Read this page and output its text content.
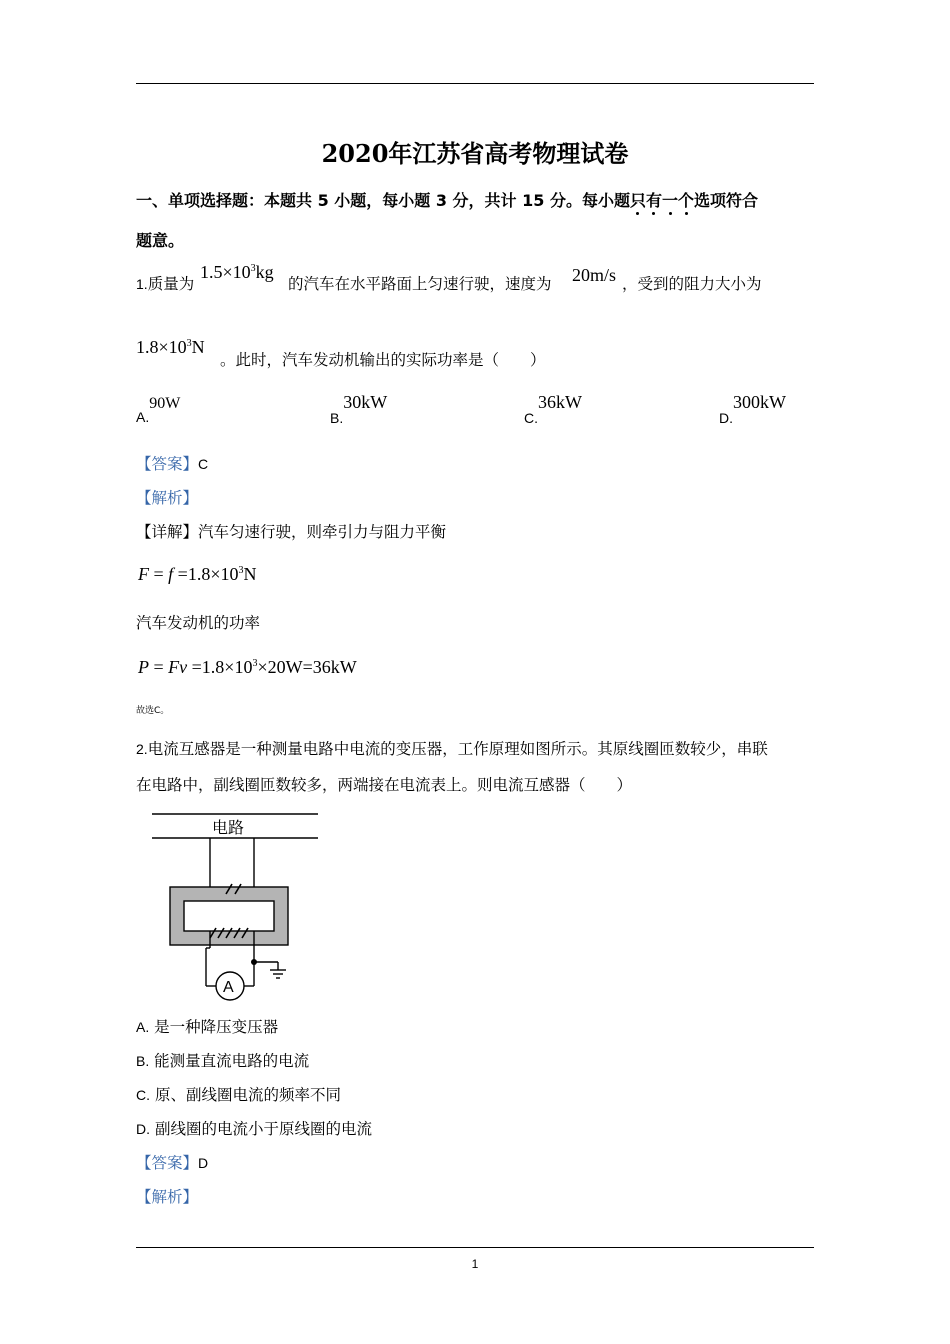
2020年江苏省高考物理试卷
一、单项选择题：本题共 5 小题，每小题 3 分，共计 15 分。每小题只有一个选项符合
题意。
1.质量为
$1.5\times 10^3kg$
的汽车在水平路面上匀速行驶，速度为 20m/s ，受到的阻力大小为
$1.8\times 10^3N$
。此时，汽车发动机输出的实际功率是（　　）
A.90W
B.30kW
C.36kW
D.300kW
【答案】C
【解析】
【详解】汽车匀速行驶，则牵引力与阻力平衡
$F = f =1.8\times 10^3N$
汽车发动机的功率
$P = Fv =1.8\times 10^3\times 20W=36kW$
故选C。
2.电流互感器是一种测量电路中电流的变压器，工作原理如图所示。其原线圈匝数较少，串联
在电路中，副线圈匝数较多，两端接在电流表上。则电流互感器（　　）
电路
A
A. 是一种降压变压器
B. 能测量直流电路的电流
C. 原、副线圈电流的频率不同
D. 副线圈的电流小于原线圈的电流
【答案】D
【解析】
1
